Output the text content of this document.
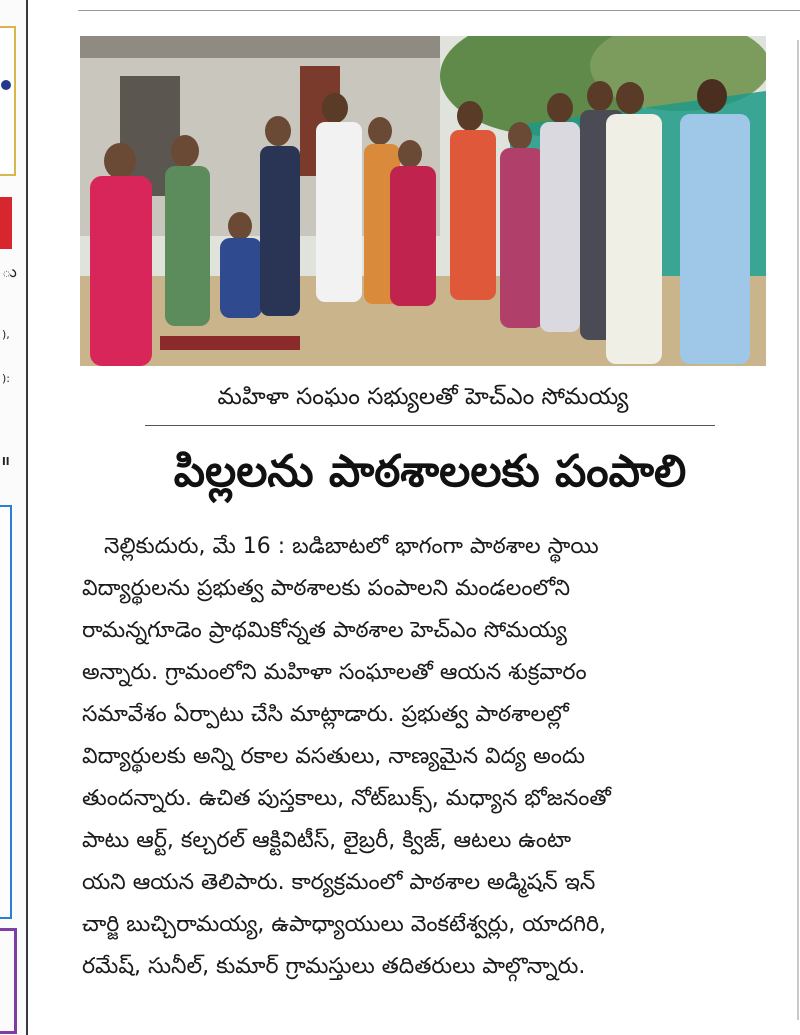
ు
),
):
ll
మహిళా సంఘం సభ్యులతో హెచ్ఎం సోమయ్య
పిల్లలను పాఠశాలలకు పంపాలి
నెల్లికుదురు, మే 16 : బడిబాటలో భాగంగా పాఠశాల స్థాయి
విద్యార్థులను ప్రభుత్వ పాఠశాలకు పంపాలని మండలంలోని
రామన్నగూడెం ప్రాథమికోన్నత పాఠశాల హెచ్ఎం సోమయ్య
అన్నారు. గ్రామంలోని మహిళా సంఘాలతో ఆయన శుక్రవారం
సమావేశం ఏర్పాటు చేసి మాట్లాడారు. ప్రభుత్వ పాఠశాలల్లో
విద్యార్థులకు అన్ని రకాల వసతులు, నాణ్యమైన విద్య అందు
తుందన్నారు. ఉచిత పుస్తకాలు, నోట్‌బుక్స్, మధ్యాన భోజనంతో
పాటు ఆర్ట్, కల్చరల్ ఆక్టివిటీస్, లైబ్రరీ, క్విజ్, ఆటలు ఉంటా
యని ఆయన తెలిపారు. కార్యక్రమంలో పాఠశాల అడ్మిషన్ ఇన్
చార్జి బుచ్చిరామయ్య, ఉపాధ్యాయులు వెంకటేశ్వర్లు, యాదగిరి,
రమేష్, సునీల్, కుమార్ గ్రామస్తులు తదితరులు పాల్గొన్నారు.
